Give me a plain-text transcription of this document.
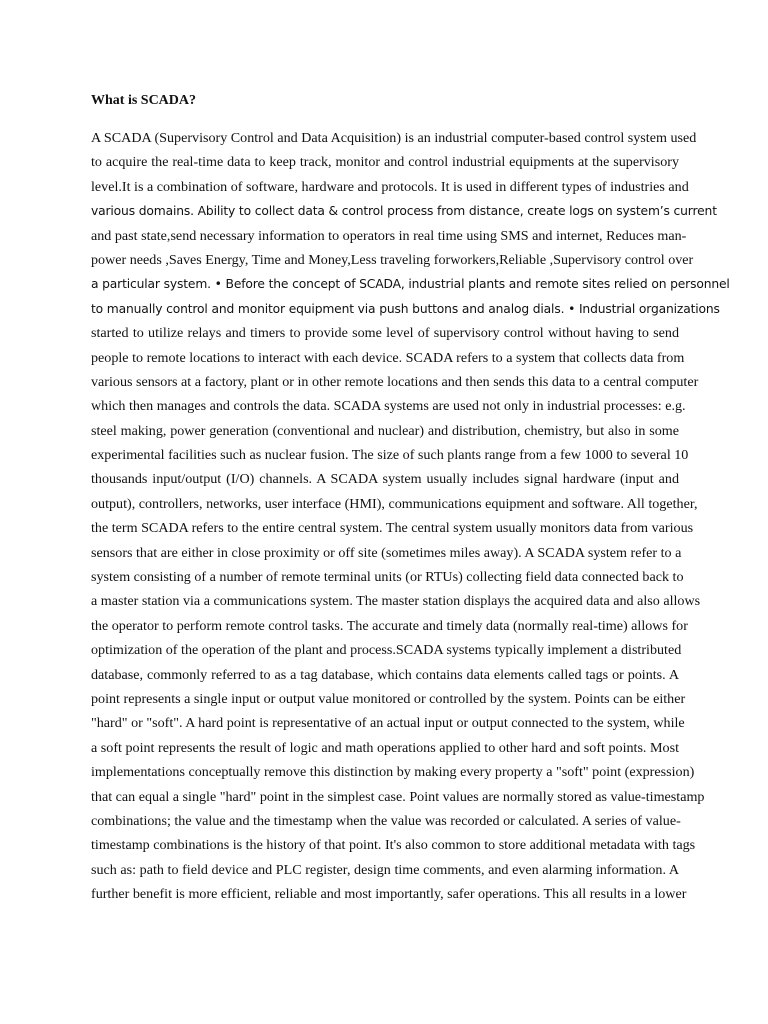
What is SCADA?
A SCADA (Supervisory Control and Data Acquisition) is an industrial computer-based control system used
to acquire the real-time data to keep track, monitor and control industrial equipments at the supervisory
level.It is a combination of software, hardware and protocols. It is used in different types of industries and
various domains. Ability to collect data & control process from distance, create logs on system’s current
and past state,send necessary information to operators in real time using SMS and internet, Reduces man-
power needs ,Saves Energy, Time and Money,Less traveling forworkers,Reliable ,Supervisory control over
a particular system. • Before the concept of SCADA, industrial plants and remote sites relied on personnel
to manually control and monitor equipment via push buttons and analog dials. • Industrial organizations
started to utilize relays and timers to provide some level of supervisory control without having to send
people to remote locations to interact with each device. SCADA refers to a system that collects data from
various sensors at a factory, plant or in other remote locations and then sends this data to a central computer
which then manages and controls the data. SCADA systems are used not only in industrial processes: e.g.
steel making, power generation (conventional and nuclear) and distribution, chemistry, but also in some
experimental facilities such as nuclear fusion. The size of such plants range from a few 1000 to several 10
thousands input/output (I/O) channels. A SCADA system usually includes signal hardware (input and
output), controllers, networks, user interface (HMI), communications equipment and software. All together,
the term SCADA refers to the entire central system. The central system usually monitors data from various
sensors that are either in close proximity or off site (sometimes miles away). A SCADA system refer to a
system consisting of a number of remote terminal units (or RTUs) collecting field data connected back to
a master station via a communications system. The master station displays the acquired data and also allows
the operator to perform remote control tasks. The accurate and timely data (normally real-time) allows for
optimization of the operation of the plant and process.SCADA systems typically implement a distributed
database, commonly referred to as a tag database, which contains data elements called tags or points. A
point represents a single input or output value monitored or controlled by the system. Points can be either
"hard" or "soft". A hard point is representative of an actual input or output connected to the system, while
a soft point represents the result of logic and math operations applied to other hard and soft points. Most
implementations conceptually remove this distinction by making every property a "soft" point (expression)
that can equal a single "hard" point in the simplest case. Point values are normally stored as value-timestamp
combinations; the value and the timestamp when the value was recorded or calculated. A series of value-
timestamp combinations is the history of that point. It's also common to store additional metadata with tags
such as: path to field device and PLC register, design time comments, and even alarming information. A
further benefit is more efficient, reliable and most importantly, safer operations. This all results in a lower
